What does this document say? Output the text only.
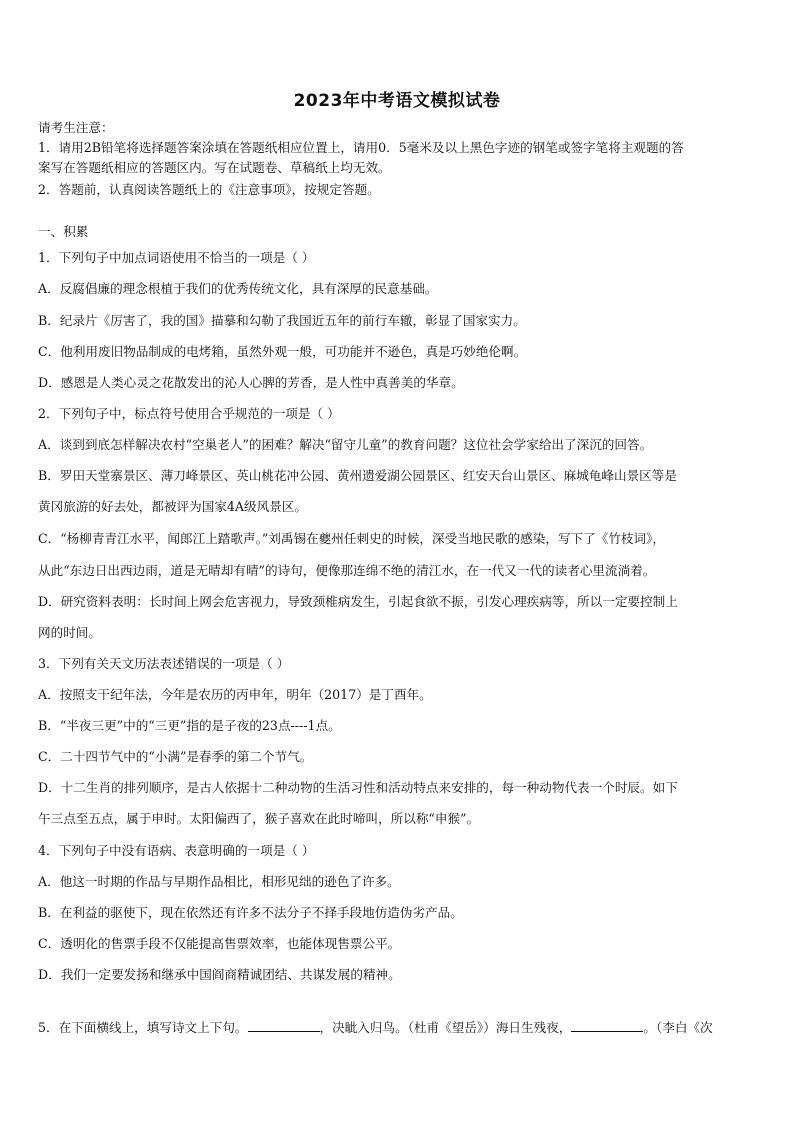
2023年中考语文模拟试卷
请考生注意：
1．请用2B铅笔将选择题答案涂填在答题纸相应位置上，请用0．5毫米及以上黑色字迹的钢笔或签字笔将主观题的答
案写在答题纸相应的答题区内。写在试题卷、草稿纸上均无效。
2．答题前，认真阅读答题纸上的《注意事项》，按规定答题。
一、积累
1．下列句子中加点词语使用不恰当的一项是（ ）
A．反腐倡廉的理念根植于我们的优秀传统文化，具有深厚的民意基础。
B．纪录片《厉害了，我的国》描摹和勾勒了我国近五年的前行车辙，彰显了国家实力。
C．他利用废旧物品制成的电烤箱，虽然外观一般，可功能并不逊色，真是巧妙绝伦啊。
D．感恩是人类心灵之花散发出的沁人心脾的芳香，是人性中真善美的华章。
2．下列句子中，标点符号使用合乎规范的一项是（ ）
A．谈到到底怎样解决农村“空巢老人”的困难？解决“留守儿童”的教育问题？这位社会学家给出了深沉的回答。
B．罗田天堂寨景区、薄刀峰景区、英山桃花冲公园、黄州遗爱湖公园景区、红安天台山景区、麻城龟峰山景区等是
黄冈旅游的好去处，都被评为国家4A级风景区。
C．“杨柳青青江水平，闻郎江上踏歌声。”刘禹锡在夔州任刺史的时候，深受当地民歌的感染，写下了《竹枝词》，
从此“东边日出西边雨，道是无晴却有晴”的诗句，便像那连绵不绝的清江水，在一代又一代的读者心里流淌着。
D．研究资料表明：长时间上网会危害视力，导致颈椎病发生，引起食欲不振，引发心理疾病等，所以一定要控制上
网的时间。
3．下列有关天文历法表述错误的一项是（ ）
A．按照支干纪年法，今年是农历的丙申年，明年（2017）是丁酉年。
B．“半夜三更”中的“三更”指的是子夜的23点----1点。
C．二十四节气中的“小满”是春季的第二个节气。
D．十二生肖的排列顺序，是古人依据十二种动物的生活习性和活动特点来安排的，每一种动物代表一个时辰。如下
午三点至五点，属于申时。太阳偏西了，猴子喜欢在此时啼叫，所以称“申猴”。
4．下列句子中没有语病、表意明确的一项是（ ）
A．他这一时期的作品与早期作品相比，相形见绌的逊色了许多。
B．在利益的驱使下，现在依然还有许多不法分子不择手段地仿造伪劣产品。
C．透明化的售票手段不仅能提高售票效率，也能体现售票公平。
D．我们一定要发扬和继承中国阎商精诚团结、共谋发展的精神。
5．在下面横线上，填写诗文上下句。	，决眦入归鸟。（杜甫《望岳》）海日生残夜，	。（李白《次
